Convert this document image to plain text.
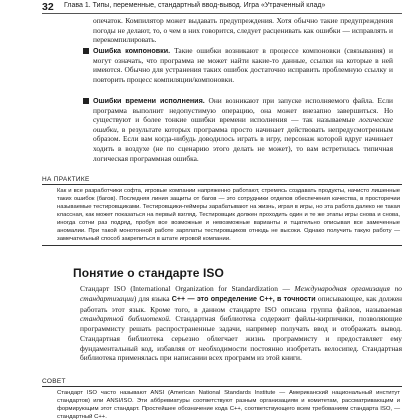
32 Глава 1. Типы, переменные, стандартный ввод-вывод. Игра «Утраченный клад»
опечаток. Компилятор может выдавать предупреждения. Хотя обычно такие предупреждения погоды не делают, то, о чем в них говорится, следует расценивать как ошибки — исправлять и перекомпилировать.
Ошибка компоновки. Такие ошибки возникают в процессе компоновки (связывания) и могут означать, что программа не может найти какие-то данные, ссылки на которые в ней имеются. Обычно для устранения таких ошибок достаточно исправить проблемную ссылку и повторить процесс компиляции/компоновки.
Ошибки времени исполнения. Они возникают при запуске исполняемого файла. Если программа выполнит недопустимую операцию, она может внезапно завершиться. Но существуют и более тонкие ошибки времени исполнения — так называемые логические ошибки, в результате которых программа просто начинает действовать непредусмотренным образом. Если вам когда-нибудь доводилось играть в игру, персонаж которой вдруг начинает ходить в воздухе (не по сценарию этого делать не может), то вам встретилась типичная логическая программная ошибка.
НА ПРАКТИКЕ
Как и все разработчики софта, игровые компании напряженно работают, стремясь создавать продукты, начисто лишенные таких ошибок (багов). Последняя линия защиты от багов — это сотрудники отделов обеспечения качества, в просторечии называемые тестировщиками. Тестировщики-геймеры зарабатывают на жизнь, играя в игры, но эта работа далеко не такая классная, как может показаться на первый взгляд. Тестировщик должен проходить один и те же этапы игры снова и снова, иногда сотни раз подряд, пробуя все возможные и невозможные варианты и тщательно описывая все замеченные аномалии. При такой монотонной работе зарплаты тестировщиков отнюдь не высоки. Однако получить такую работу — замечательный способ закрепиться в штате игровой компании.
Понятие о стандарте ISO
Стандарт ISO (International Organization for Standardization — Международная организация по стандартизации) для языка С++ — это определение С++, в точности описывающее, как должен работать этот язык. Кроме того, в данном стандарте ISO описана группа файлов, называемая стандартной библиотекой. Стандартная библиотека содержит файлы-кирпичики, позволяющие программисту решать распространенные задачи, например получать ввод и отображать вывод. Стандартная библиотека серьезно облегчает жизнь программисту и предоставляет ему фундаментальный код, избавляя от необходимости постоянно изобретать велосипед. Стандартная библиотека применялась при написании всех программ из этой книги.
СОВЕТ
Стандарт ISO часто называют ANSI (American National Standards Institute — Американский национальный институт стандартов) или ANSI/ISO. Эти аббревиатуры соответствуют разным организациям и комитетам, рассматривающим и формирующим этот стандарт. Простейшее обозначение кода С++, соответствующего всем требованиям стандарта ISO, — стандартный С++.
